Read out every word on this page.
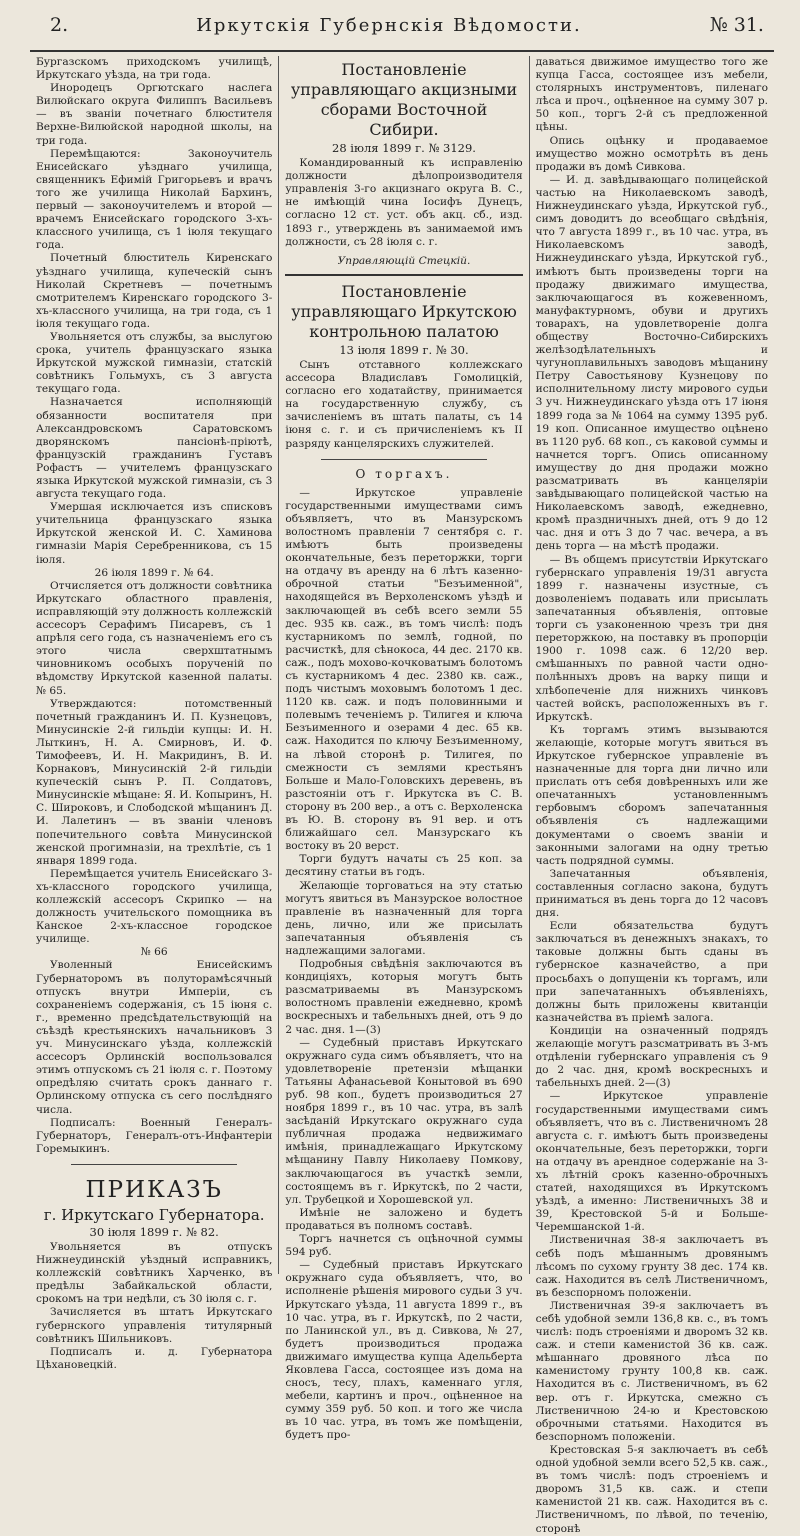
2.	Иркутскія Губернскія Вѣдомости.	№ 31.

Бургазскомъ приходскомъ училищѣ, Иркутскаго уѣзда, на три года.

Инородецъ Оргютскаго наслега Вилюйскаго округа Филиппъ Васильевъ — въ званіи почетнаго блюстителя Верхне-Вилюйской народной школы, на три года.

Перемѣщаются: Законоучитель Енисейскаго уѣзднаго училища, священникъ Ефимій Григорьевъ и врачъ того же училища Николай Бархинъ, первый — законоучителемъ и второй — врачемъ Енисейскаго городского 3-хъ-классного училища, съ 1 іюля текущаго года.

Почетный блюститель Киренскаго уѣзднаго училища, купеческій сынъ Николай Скретневъ — почетнымъ смотрителемъ Киренскаго городского 3-хъ-классного училища, на три года, съ 1 іюля текущаго года.

Увольняется отъ службы, за выслугою срока, учитель французскаго языка Иркутской мужской гимназіи, статскій совѣтникъ Гольмухъ, съ 3 августа текущаго года.

Назначается исполняющій обязанности воспитателя при Александровскомъ Саратовскомъ дворянскомъ пансіонѣ-пріютѣ, французскій гражданинъ Густавъ Рофастъ — учителемъ французскаго языка Иркутской мужской гимназіи, съ 3 августа текущаго года.

Умершая исключается изъ списковъ учительница французскаго языка Иркутской женской И. С. Хаминова гимназіи Марія Серебренникова, съ 15 іюля.

26 іюля 1899 г. № 64.

Отчисляется отъ должности совѣтника Иркутскаго областного правленія, исправляющій эту должность коллежскій ассесоръ Серафимъ Писаревъ, съ 1 апрѣля сего года, съ назначеніемъ его съ этого числа сверхштатнымъ чиновникомъ особыхъ порученій по вѣдомству Иркутской казенной палаты. № 65.

Утверждаются: потомственный почетный гражданинъ И. П. Кузнецовъ, Минусинскіе 2-й гильдіи купцы: И. Н. Лыткинъ, Н. А. Смирновъ, И. Ф. Тимофеевъ, И. Н. Макридинъ, В. И. Корнаковъ, Минусинскій 2-й гильдіи купеческій сынъ Р. П. Солдатовъ, Минусинскіе мѣщане: Я. И. Копыринъ, Н. С. Широковъ, и Слободской мѣщанинъ Д. И. Лалетинъ — въ званіи членовъ попечительного совѣта Минусинской женской прогимназіи, на трехлѣтіе, съ 1 января 1899 года.

Перемѣщается учитель Енисейскаго 3-хъ-классного городского училища, коллежскій ассесоръ Скрипко — на должность учительского помощника въ Канское 2-хъ-классное городское училище.

№ 66

Уволенный Енисейскимъ Губернаторомъ въ полуторамѣсячный отпускъ внутри Имперіи, съ сохраненіемъ содержанія, съ 15 іюня с. г., временно предсѣдательствующій на съѣздѣ крестьянскихъ начальниковъ 3 уч. Минусинскаго уѣзда, коллежскій ассесоръ Орлинскій воспользовался этимъ отпускомъ съ 21 іюля с. г. Поэтому опредѣляю считать срокъ даннаго г. Орлинскому отпуска съ сего послѣдняго числа.

Подписалъ: Военный Генералъ-Губернаторъ, Генералъ-отъ-Инфантеріи Горемыкинъ.

ПРИКАЗЪ
г. Иркутскаго Губернатора.
30 іюля 1899 г. № 82.

Увольняется въ отпускъ Нижнеудинскій уѣздный исправникъ, коллежскій совѣтникъ Харченко, въ предѣлы Забайкальской области, срокомъ на три недѣли, съ 30 іюля с. г.

Зачисляется въ штатъ Иркутскаго губернского управленія титулярный совѣтникъ Шильниковъ.

Подписалъ и. д. Губернатора Цѣхановецкій.

Постановленіе управляющаго акцизными сборами Восточной Сибири.
28 іюля 1899 г. № 3129.

Командированный къ исправленію должности дѣлопроизводителя управленія 3-го акцизнаго округа В. С., не имѣющій чина Іосифъ Дунецъ, согласно 12 ст. уст. объ акц. сб., изд. 1893 г., утверждень въ занимаемой имъ должности, съ 28 іюля с. г.

Управляющій Стецкій.
Постановленіе управляющаго Иркутскою контрольною палатою
13 іюля 1899 г. № 30.

Сынъ отставного коллежскаго ассесора Владиславъ Гомолицкій, согласно его ходатайству, принимается на государственную службу, съ зачисленіемъ въ штать палаты, съ 14 іюня с. г. и съ причисленіемъ къ II разряду канцелярскихъ служителей.

О торгахъ.

— Иркутское управленіе государственными имуществами симъ объявляетъ, что въ Манзурскомъ волостномъ правленіи 7 сентября с. г. имѣютъ быть произведены окончательные, безъ переторжки, торги на отдачу въ аренду на 6 лѣтъ казенно-оброчной статьи "Безъименной", находящейся въ Верхоленскомъ уѣздѣ и заключающей въ себѣ всего земли 55 дес. 935 кв. саж., въ томъ числѣ: подъ кустарникомъ по землѣ, годной, по расчисткѣ, для сѣнокоса, 44 дес. 2170 кв. саж., подъ мохово-кочковатымъ болотомъ съ кустарникомъ 4 дес. 2380 кв. саж., подъ чистымъ моховымъ болотомъ 1 дес. 1120 кв. саж. и подъ половинными и полевымъ теченіемъ р. Тилигея и ключа Безъименного и озерами 4 дес. 65 кв. саж. Находится по ключу Безъименному, на лѣвой сторонѣ р. Тилигея, по смежности съ землями крестьянъ Больше и Мало-Головскихъ деревень, въ разстояніи отъ г. Иркутска въ С. В. сторону въ 200 вер., а отъ с. Верхоленска въ Ю. В. сторону въ 91 вер. и отъ ближайшаго сел. Манзурскаго къ востоку въ 20 верст.

Торги будутъ начаты съ 25 коп. за десятину статьи въ годъ.

Желающіе торговаться на эту статью могутъ явиться въ Манзурское волостное правленіе въ назначенный для торга день, лично, или же присылать запечатанныя объявленія съ надлежащими залогами.

Подробныя свѣдѣнія заключаются въ кондиціяхъ, которыя могутъ быть разсматриваемы въ Манзурскомъ волостномъ правленіи ежедневно, кромѣ воскресныхъ и табельныхъ дней, отъ 9 до 2 час. дня. 1—(3)

— Судебный приставъ Иркутскаго окружнаго суда симъ объявляетъ, что на удовлетвореніе претензіи мѣщанки Татьяны Афанасьевой Конытовой въ 690 руб. 98 коп., будетъ производиться 27 ноября 1899 г., въ 10 час. утра, въ залѣ засѣданій Иркутскаго окружнаго суда публичная продажа недвижимаго имѣнія, принадлежащаго Иркутскому мѣщанину Павлу Николаеву Помкову, заключающагося въ участкѣ земли, состоящемъ въ г. Иркутскѣ, по 2 части, ул. Трубецкой и Хорошевской ул.

Имѣніе не заложено и будетъ продаваться въ полномъ составѣ.

Торгъ начнется съ оцѣночной суммы 594 руб.

— Судебный приставъ Иркутскаго окружнаго суда объявляетъ, что, во исполненіе рѣшенія мирового судьи 3 уч. Иркутскаго уѣзда, 11 августа 1899 г., въ 10 час. утра, въ г. Иркутскѣ, по 2 части, по Ланинской ул., въ д. Сивкова, № 27, будетъ производиться продажа движимаго имущества купца Адельберта Яковлева Гасса, состоящее изъ дома на сносъ, тесу, плахъ, каменнаго угля, мебели, картинъ и проч., оцѣненное на сумму 359 руб. 50 коп. и того же числа въ 10 час. утра, въ томъ же помѣщеніи, будетъ про-

даваться движимое имущество того же купца Гасса, состоящее изъ мебели, столярныхъ инструментовъ, пиленаго лѣса и проч., оцѣненное на сумму 307 р. 50 коп., торгъ 2-й съ предложенной цѣны.

Опись оцѣнку и продаваемое имущество можно осмотрѣть въ день продажи въ домѣ Сивкова.

— И. д. завѣдывающаго полицейской частью на Николаевскомъ заводѣ, Нижнеудинскаго уѣзда, Иркутской губ., симъ доводитъ до всеобщаго свѣдѣнія, что 7 августа 1899 г., въ 10 час. утра, въ Николаевскомъ заводѣ, Нижнеудинскаго уѣзда, Иркутской губ., имѣютъ быть произведены торги на продажу движимаго имущества, заключающагося въ кожевенномъ, мануфактурномъ, обуви и другихъ товарахъ, на удовлетвореніе долга обществу Восточно-Сибирскихъ желѣзодѣлательныхъ и чугуноплавильныхъ заводовъ мѣщанину Петру Савостьянову Кузнецову по исполнительному листу мирового судьи 3 уч. Нижнеудинскаго уѣзда отъ 17 іюня 1899 года за № 1064 на сумму 1395 руб. 19 коп. Описанное имущество оцѣнено въ 1120 руб. 68 коп., съ каковой суммы и начнется торгъ. Опись описанному имуществу до дня продажи можно разсматривать въ канцеляріи завѣдывающаго полицейской частью на Николаевскомъ заводѣ, ежедневно, кромѣ праздничныхъ дней, отъ 9 до 12 час. дня и отъ 3 до 7 час. вечера, а въ день торга — на мѣстѣ продажи.

— Въ общемъ присутствіи Иркутскаго губернскаго управленія 19/31 августа 1899 г. назначены изустные, съ дозволеніемъ подавать или присылать запечатанныя объявленія, оптовые торги съ узаконенною чрезъ три дня переторжкою, на поставку въ пропорціи 1900 г. 1098 саж. 6 12/20 вер. смѣшанныхъ по равной части одно-полѣнныхъ дровъ на варку пищи и хлѣбопеченіе для нижнихъ чинковъ частей войскъ, расположенныхъ въ г. Иркутскѣ.

Къ торгамъ этимъ вызываются желающіе, которые могутъ явиться въ Иркутское губернское управленіе въ назначенные для торга дни лично или прислать отъ себя довѣренныхъ или же опечатанныхъ установленнымъ гербовымъ сборомъ запечатанныя объявленія съ надлежащими документами о своемъ званіи и законными залогами на одну третью часть подрядной суммы.

Запечатанныя объявленія, составленныя согласно закона, будутъ приниматься въ день торга до 12 часовъ дня.

Если обязательства будутъ заключаться въ денежныхъ знакахъ, то таковые должны быть сданы въ губернское казначейство, а при просьбахъ о допущеніи къ торгамъ, или при запечатанныхъ объявленіяхъ, должны быть приложены квитанціи казначейства въ пріемѣ залога.

Кондиціи на означенный подрядъ желающіе могутъ разсматривать въ 3-мъ отдѣленіи губернскаго управленія съ 9 до 2 час. дня, кромѣ воскресныхъ и табельныхъ дней. 2—(3)

— Иркутское управленіе государственными имуществами симъ объявляетъ, что въ с. Лиственичномъ 28 августа с. г. имѣютъ быть произведены окончательные, безъ переторжки, торги на отдачу въ арендное содержаніе на 3-хъ лѣтній срокъ казенно-оброчныхъ статей, находящихся въ Иркутскомъ уѣздѣ, а именно: Лиственичныхъ 38 и 39, Крестовской 5-й и Больше-Черемшанской 1-й.

Лиственичная 38-я заключаетъ въ себѣ подъ мѣшаннымъ дровянымъ лѣсомъ по сухому грунту 38 дес. 174 кв. саж. Находится въ селѣ Лиственичномъ, въ безспорномъ положеніи.

Лиственичная 39-я заключаетъ въ себѣ удобной земли 136,8 кв. с., въ томъ числѣ: подъ строеніями и дворомъ 32 кв. саж. и степи каменистой 36 кв. саж. мѣшаннаго дровяного лѣса по каменистому грунту 100,8 кв. саж. Находится въ с. Лиственичномъ, въ 62 вер. отъ г. Иркутска, смежно съ Лиственичною 24-ю и Крестовскою оброчными статьями. Находится въ безспорномъ положеніи.

Крестовская 5-я заключаетъ въ себѣ одной удобной земли всего 52,5 кв. саж., въ томъ числѣ: подъ строеніемъ и дворомъ 31,5 кв. саж. и степи каменистой 21 кв. саж. Находится въ с. Лиственичномъ, по лѣвой, по теченію, сторонѣ
